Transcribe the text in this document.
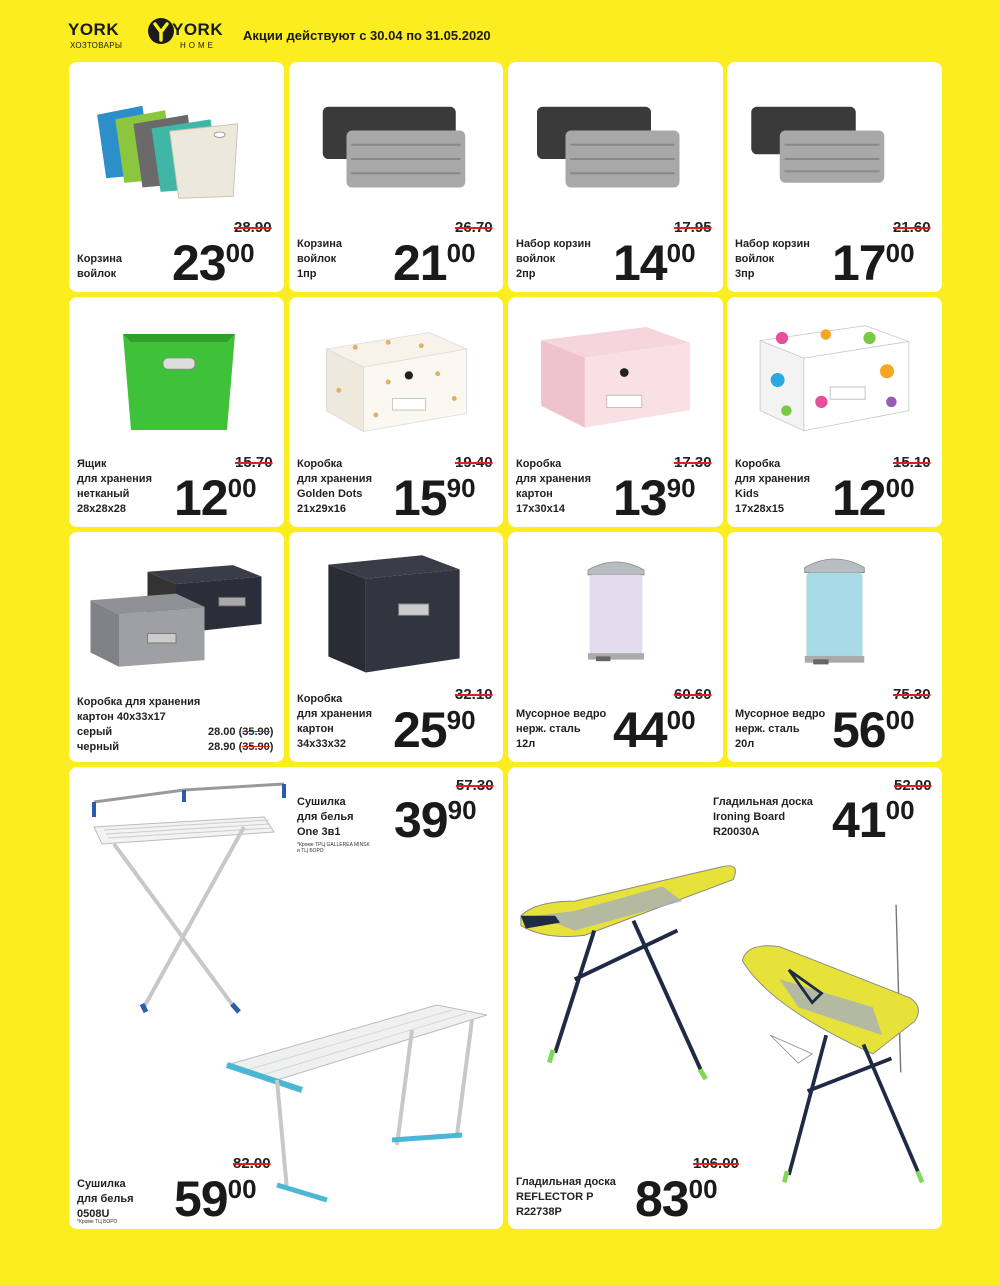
YORK
ХОЗТОВАРЫ
YORK
HOME
Акции действуют с 30.04 по 31.05.2020
Корзина
войлок
28.90
2300	Корзина
войлок
1пр
26.70
2100	Набор корзин
войлок
2пр
17.95
1400	Набор корзин
войлок
3пр
21.60
1700
Ящик
для хранения
нетканый
28x28x28
15.70
1200
Коробка
для хранения
Golden Dots
21x29x16
19.40
1590
Коробка
для хранения
картон
17x30x14
17.30
1390
Коробка
для хранения
Kids
17x28x15
15.10
1200
Коробка для хранения
картон 40x33x17
серый	28.00 (35.90)
черный	28.90 (35.90)
Коробка
для хранения
картон
34x33x32
32.10
2590	Мусорное ведро
нерж. сталь
12л
60.60
4400	Мусорное ведро
нерж. сталь
20л
75.30
5600
Сушилка
для белья
One 3в1
*Кроме ТРЦ GALLEREA MINSK
и ТЦ БОРО
57.30
3990
Сушилка
для белья
0508U
*Кроме ТЦ БОРО
82.00
5900
Гладильная доска
Ironing Board
R20030A
52.00
4100
Гладильная доска
REFLECTOR P
R22738P
106.00
8300
